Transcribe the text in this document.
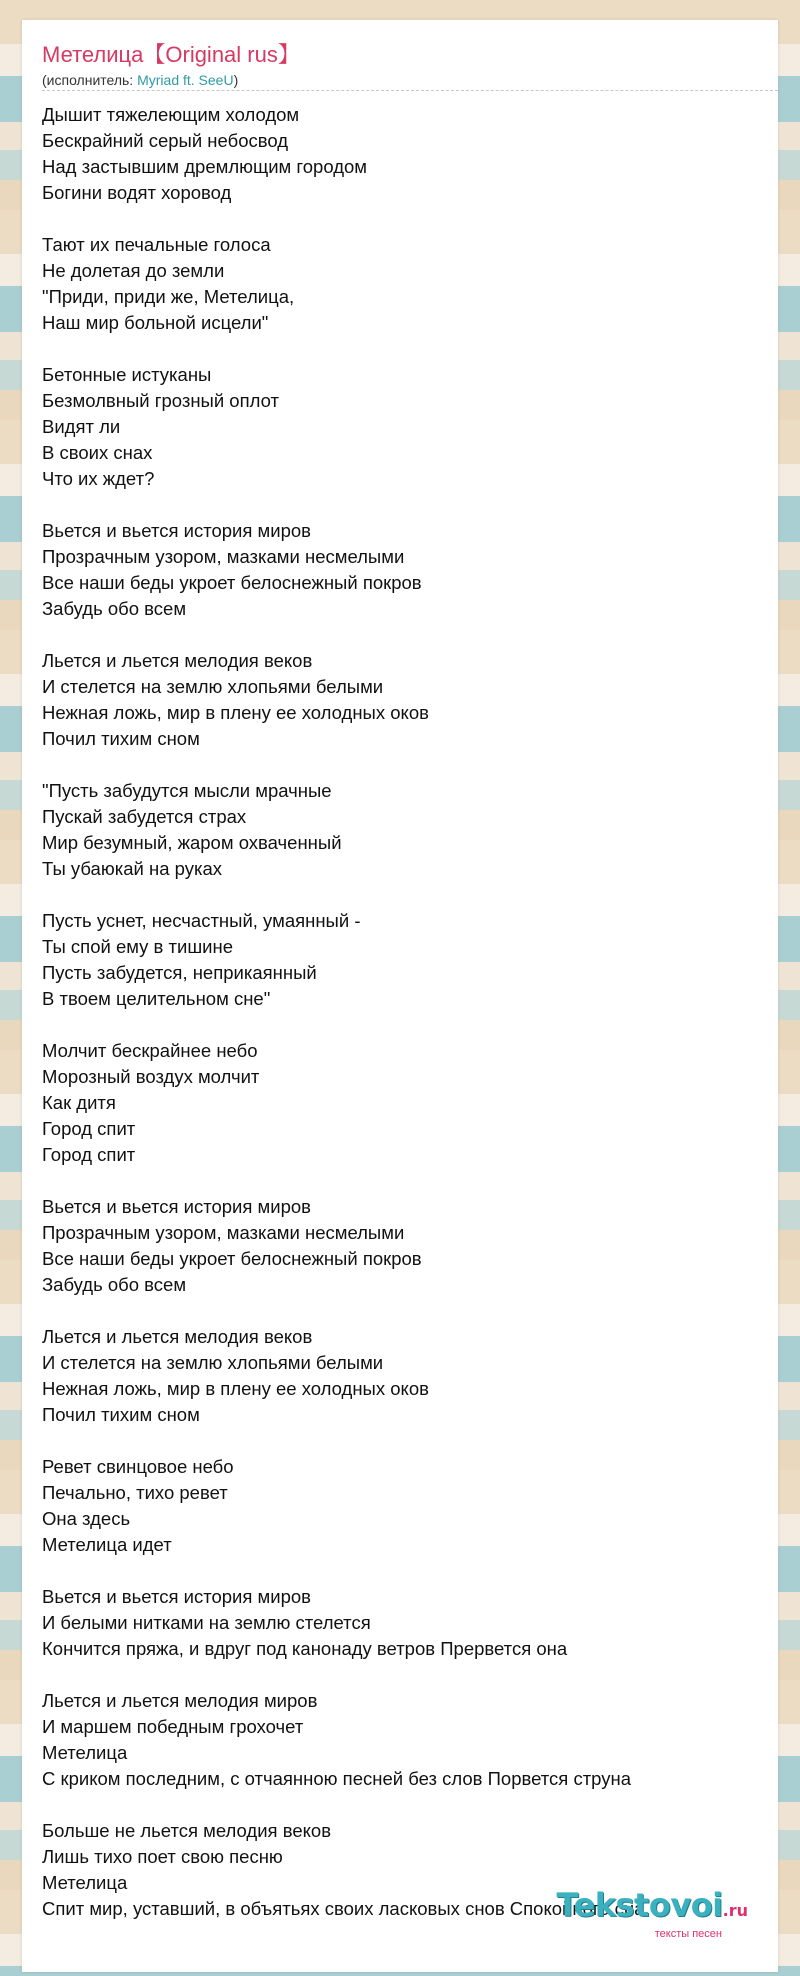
Метелица【Original rus】
(исполнитель: Myriad ft. SeeU)
Дышит тяжелеющим холодом
Бескрайний серый небосвод
Над застывшим дремлющим городом
Богини водят хоровод
Тают их печальные голоса
Не долетая до земли
"Приди, приди же, Метелица,
Наш мир больной исцели"
Бетонные истуканы
Безмолвный грозный оплот
Видят ли
В своих снах
Что их ждет?
Вьется и вьется история миров
Прозрачным узором, мазками несмелыми
Все наши беды укроет белоснежный покров
Забудь обо всем
Льется и льется мелодия веков
И стелется на землю хлопьями белыми
Нежная ложь, мир в плену ее холодных оков
Почил тихим сном
"Пусть забудутся мысли мрачные
Пускай забудется страх
Мир безумный, жаром охваченный
Ты убаюкай на руках
Пусть уснет, несчастный, умаянный -
Ты спой ему в тишине
Пусть забудется, неприкаянный
В твоем целительном сне"
Молчит бескрайнее небо
Морозный воздух молчит
Как дитя
Город спит
Город спит
Вьется и вьется история миров
Прозрачным узором, мазками несмелыми
Все наши беды укроет белоснежный покров
Забудь обо всем
Льется и льется мелодия веков
И стелется на землю хлопьями белыми
Нежная ложь, мир в плену ее холодных оков
Почил тихим сном
Ревет свинцовое небо
Печально, тихо ревет
Она здесь
Метелица идет
Вьется и вьется история миров
И белыми нитками на землю стелется
Кончится пряжа, и вдруг под канонаду ветров Прервется она
Льется и льется мелодия миров
И маршем победным грохочет
Метелица
С криком последним, с отчаянною песней без слов Порвется струна
Больше не льется мелодия веков
Лишь тихо поет свою песню
Метелица
Спит мир, уставший, в объятьях своих ласковых снов Спокойного сна
Tekstovoi.ru
тексты песен
